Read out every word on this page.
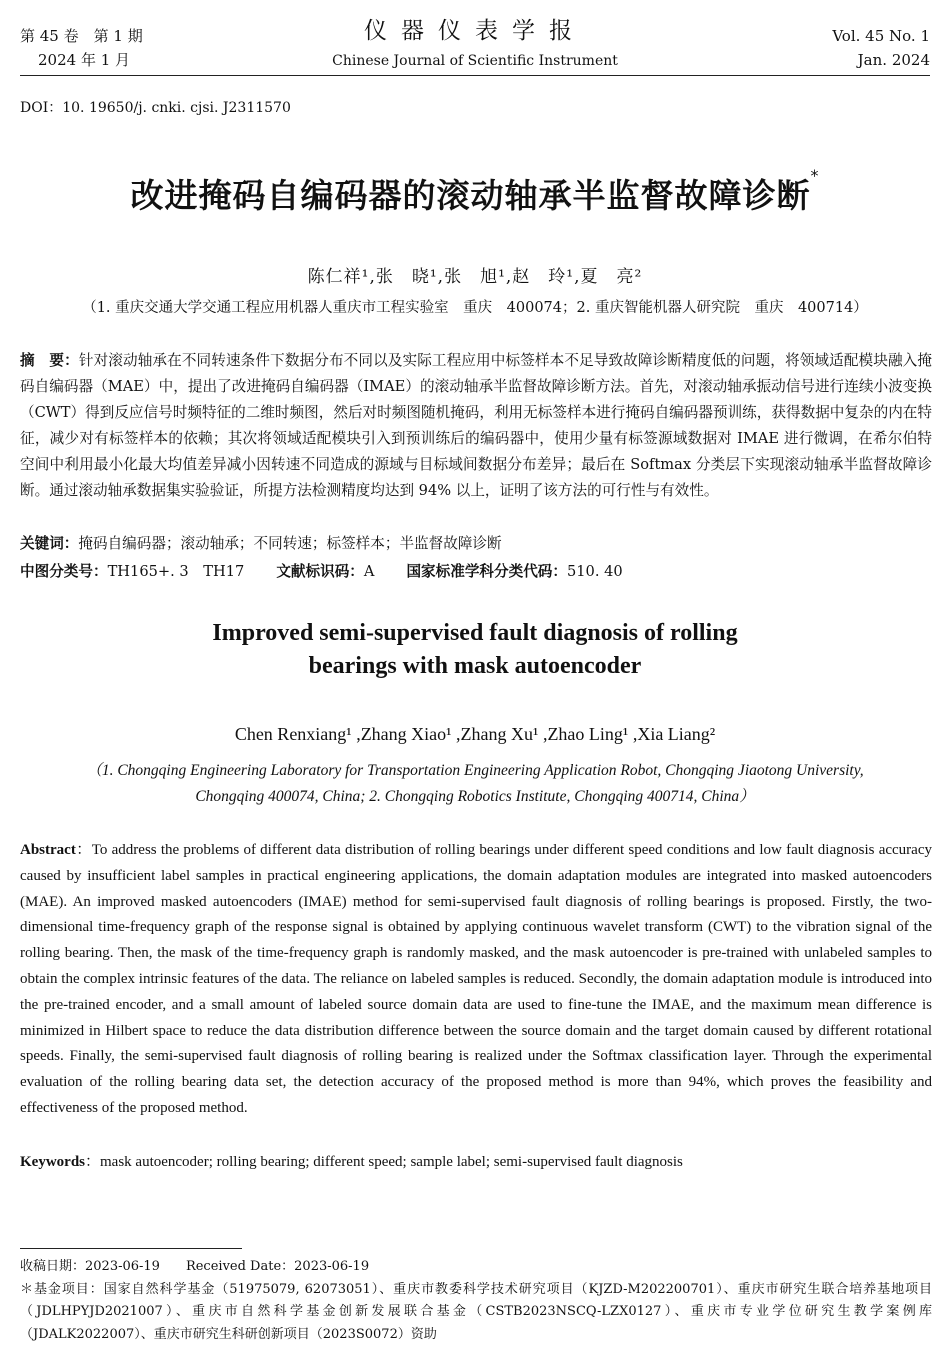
第 45 卷　第 1 期
2024 年 1 月
仪器仪表学报
Chinese Journal of Scientific Instrument
Vol. 45 No. 1
Jan. 2024
DOI：10. 19650/j. cnki. cjsi. J2311570
改进掩码自编码器的滚动轴承半监督故障诊断*
陈仁祥¹,张　晓¹,张　旭¹,赵　玲¹,夏　亮²
（1. 重庆交通大学交通工程应用机器人重庆市工程实验室　重庆　400074；2. 重庆智能机器人研究院　重庆　400714）
摘　要：针对滚动轴承在不同转速条件下数据分布不同以及实际工程应用中标签样本不足导致故障诊断精度低的问题，将领域适配模块融入掩码自编码器（MAE）中，提出了改进掩码自编码器（IMAE）的滚动轴承半监督故障诊断方法。首先，对滚动轴承振动信号进行连续小波变换（CWT）得到反应信号时频特征的二维时频图，然后对时频图随机掩码，利用无标签样本进行掩码自编码器预训练，获得数据中复杂的内在特征，减少对有标签样本的依赖；其次将领域适配模块引入到预训练后的编码器中，使用少量有标签源域数据对 IMAE 进行微调，在希尔伯特空间中利用最小化最大均值差异减小因转速不同造成的源域与目标域间数据分布差异；最后在 Softmax 分类层下实现滚动轴承半监督故障诊断。通过滚动轴承数据集实验验证，所提方法检测精度均达到 94% 以上，证明了该方法的可行性与有效性。
关键词：掩码自编码器；滚动轴承；不同转速；标签样本；半监督故障诊断
中图分类号：TH165+. 3　TH17 文献标识码：A 国家标准学科分类代码：510. 40
Improved semi-supervised fault diagnosis of rolling
bearings with mask autoencoder
Chen Renxiang¹ ,Zhang Xiao¹ ,Zhang Xu¹ ,Zhao Ling¹ ,Xia Liang²
（1. Chongqing Engineering Laboratory for Transportation Engineering Application Robot, Chongqing Jiaotong University,
Chongqing 400074, China; 2. Chongqing Robotics Institute, Chongqing 400714, China）
Abstract：To address the problems of different data distribution of rolling bearings under different speed conditions and low fault diagnosis accuracy caused by insufficient label samples in practical engineering applications, the domain adaptation modules are integrated into masked autoencoders (MAE). An improved masked autoencoders (IMAE) method for semi-supervised fault diagnosis of rolling bearings is proposed. Firstly, the two-dimensional time-frequency graph of the response signal is obtained by applying continuous wavelet transform (CWT) to the vibration signal of the rolling bearing. Then, the mask of the time-frequency graph is randomly masked, and the mask autoencoder is pre-trained with unlabeled samples to obtain the complex intrinsic features of the data. The reliance on labeled samples is reduced. Secondly, the domain adaptation module is introduced into the pre-trained encoder, and a small amount of labeled source domain data are used to fine-tune the IMAE, and the maximum mean difference is minimized in Hilbert space to reduce the data distribution difference between the source domain and the target domain caused by different rotational speeds. Finally, the semi-supervised fault diagnosis of rolling bearing is realized under the Softmax classification layer. Through the experimental evaluation of the rolling bearing data set, the detection accuracy of the proposed method is more than 94%, which proves the feasibility and effectiveness of the proposed method.
Keywords：mask autoencoder; rolling bearing; different speed; sample label; semi-supervised fault diagnosis
收稿日期：2023-06-19　　Received Date：2023-06-19
＊基金项目：国家自然科学基金（51975079, 62073051）、重庆市教委科学技术研究项目（KJZD-M202200701）、重庆市研究生联合培养基地项目（JDLHPYJD2021007）、重庆市自然科学基金创新发展联合基金（CSTB2023NSCQ-LZX0127）、重庆市专业学位研究生教学案例库（JDALK2022007）、重庆市研究生科研创新项目（2023S0072）资助
